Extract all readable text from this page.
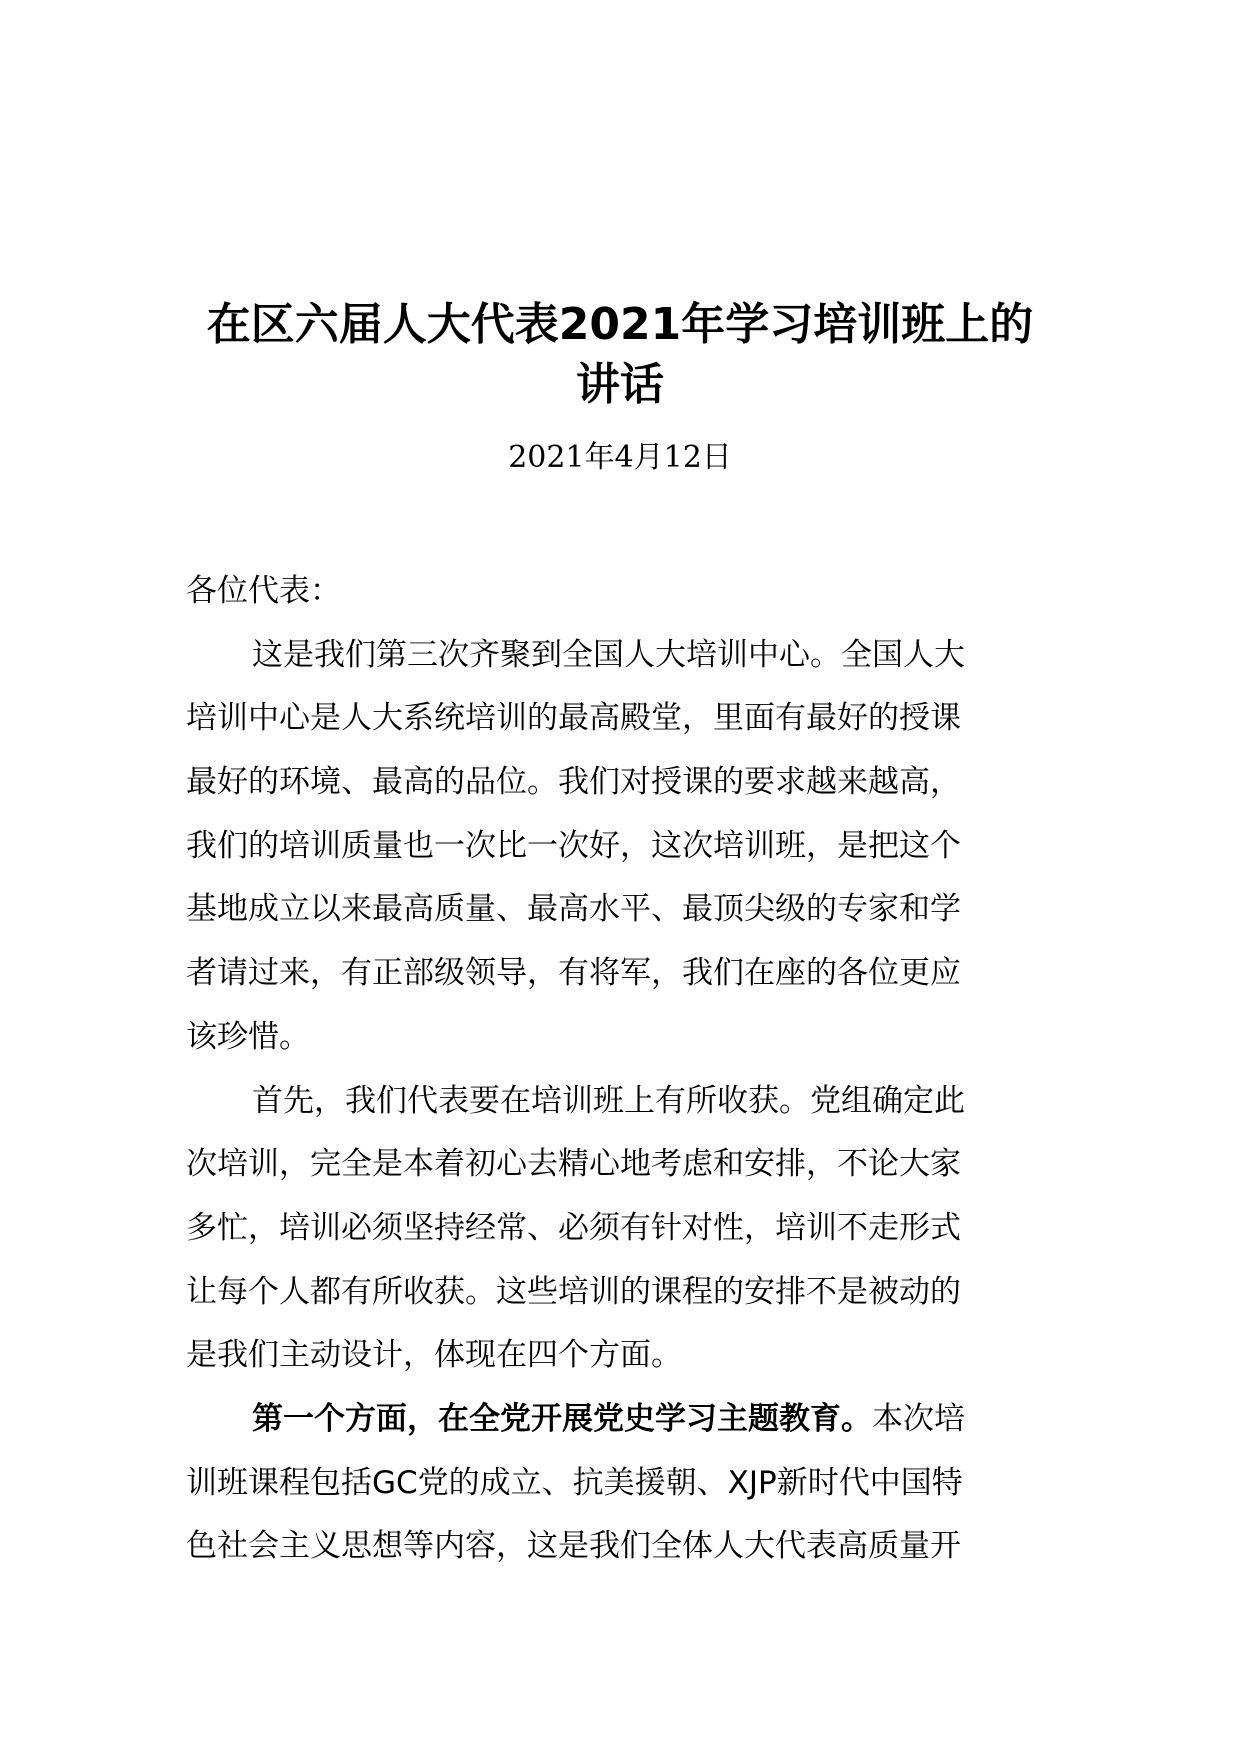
在区六届人大代表2021年学习培训班上的
讲话
2021年4月12日
各位代表：
这是我们第三次齐聚到全国人大培训中心。全国人大
培训中心是人大系统培训的最高殿堂，里面有最好的授课
最好的环境、最高的品位。我们对授课的要求越来越高，
我们的培训质量也一次比一次好，这次培训班，是把这个
基地成立以来最高质量、最高水平、最顶尖级的专家和学
者请过来，有正部级领导，有将军，我们在座的各位更应
该珍惜。
首先，我们代表要在培训班上有所收获。党组确定此
次培训，完全是本着初心去精心地考虑和安排，不论大家
多忙，培训必须坚持经常、必须有针对性，培训不走形式
让每个人都有所收获。这些培训的课程的安排不是被动的
是我们主动设计，体现在四个方面。
第一个方面，在全党开展党史学习主题教育。本次培
训班课程包括GC党的成立、抗美援朝、XJP新时代中国特
色社会主义思想等内容，这是我们全体人大代表高质量开
